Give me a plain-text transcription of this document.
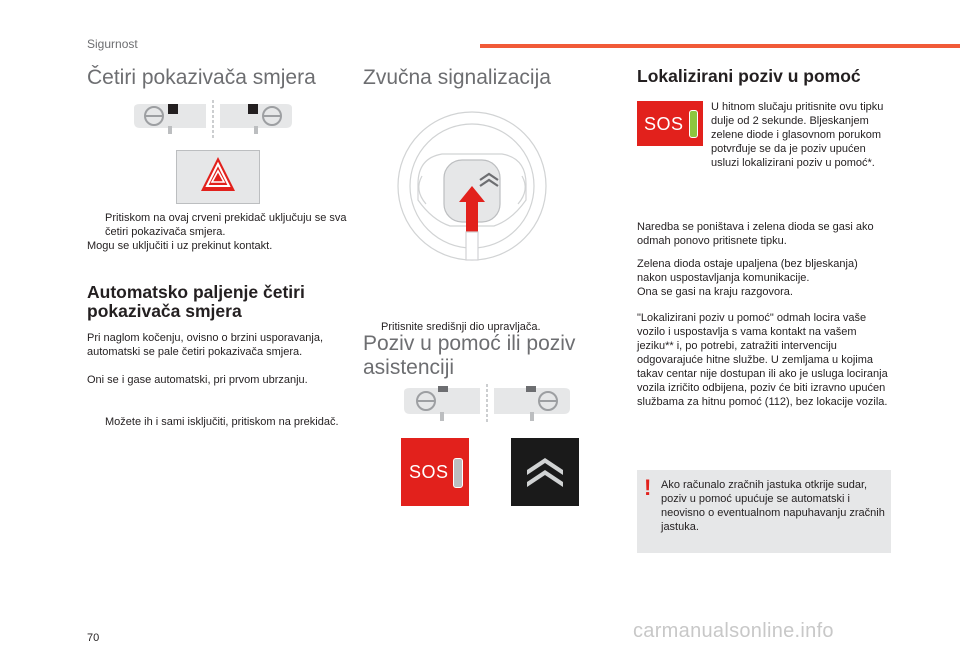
Sigurnost
Četiri pokazivača smjera

Pritiskom na ovaj crveni prekidač uključuju se sva četiri pokazivača smjera.

Mogu se uključiti i uz prekinut kontakt.

Automatsko paljenje četiri pokazivača smjera

Pri naglom kočenju, ovisno o brzini usporavanja, automatski se pale četiri pokazivača smjera.

Oni se i gase automatski, pri prvom ubrzanju.

Možete ih i sami isključiti, pritiskom na prekidač.

Zvučna signalizacija

Pritisnite središnji dio upravljača.

Poziv u pomoć ili poziv asistenciji
SOS
Lokalizirani poziv u pomoć
SOS

U hitnom slučaju pritisnite ovu tipku dulje od 2 sekunde. Bljeskanjem zelene diode i glasovnom porukom potvrđuje se da je poziv upućen usluzi lokalizirani poziv u pomoć*.

Naredba se poništava i zelena dioda se gasi ako odmah ponovo pritisnete tipku.

Zelena dioda ostaje upaljena (bez bljeskanja) nakon uspostavljanja komunikacije.

Ona se gasi na kraju razgovora.

"Lokalizirani poziv u pomoć" odmah locira vaše vozilo i uspostavlja s vama kontakt na vašem jeziku** i, po potrebi, zatražiti intervenciju odgovarajuće hitne službe. U zemljama u kojima takav centar nije dostupan ili ako je usluga lociranja vozila izričito odbijena, poziv će biti izravno upućen službama za hitnu pomoć (112), bez lokacije vozila.

! Ako računalo zračnih jastuka otkrije sudar, poziv u pomoć upućuje se automatski i neovisno o eventualnom napuhavanju zračnih jastuka.

70	carmanualsonline.info
